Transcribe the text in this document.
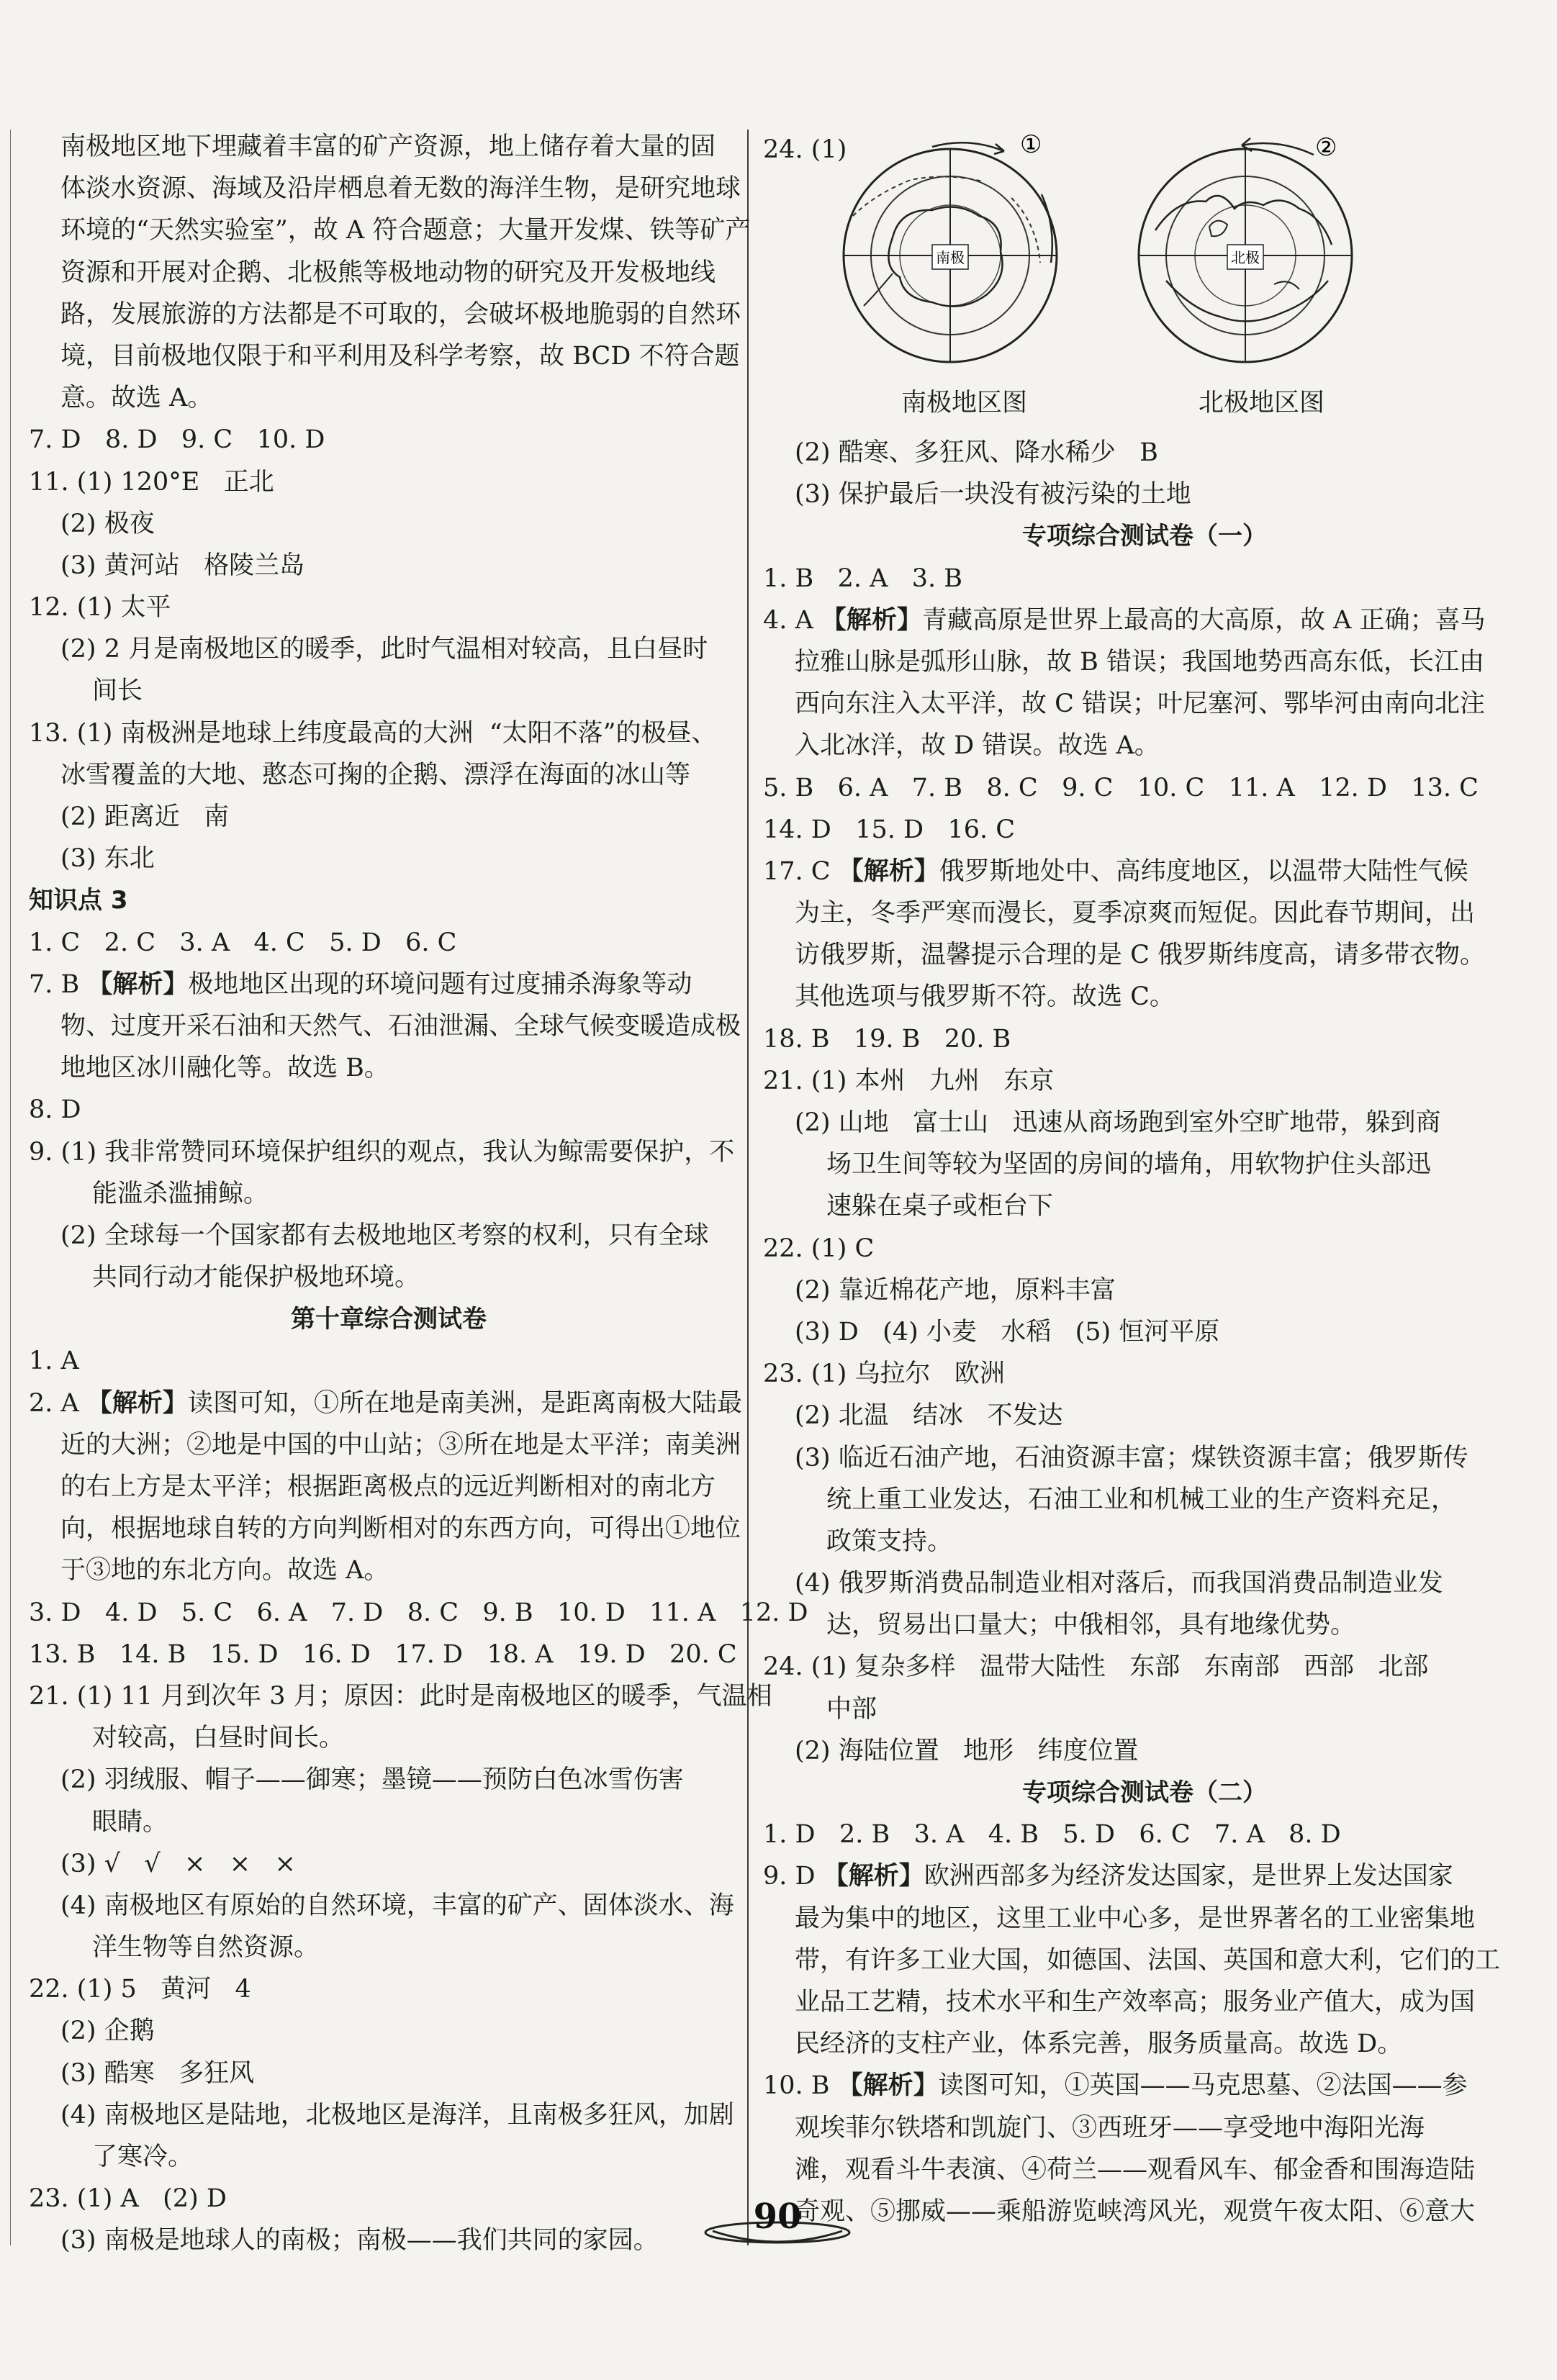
南极地区地下埋藏着丰富的矿产资源，地上储存着大量的固
体淡水资源、海域及沿岸栖息着无数的海洋生物，是研究地球
环境的“天然实验室”，故 A 符合题意；大量开发煤、铁等矿产
资源和开展对企鹅、北极熊等极地动物的研究及开发极地线
路，发展旅游的方法都是不可取的，会破坏极地脆弱的自然环
境，目前极地仅限于和平利用及科学考察，故 BCD 不符合题
意。故选 A。
7. D   8. D   9. C   10. D
11. (1) 120°E   正北
(2) 极夜
(3) 黄河站   格陵兰岛
12. (1) 太平
(2) 2 月是南极地区的暖季，此时气温相对较高，且白昼时
间长
13. (1) 南极洲是地球上纬度最高的大洲  “太阳不落”的极昼、
冰雪覆盖的大地、憨态可掬的企鹅、漂浮在海面的冰山等
(2) 距离近   南
(3) 东北
知识点 3
1. C   2. C   3. A   4. C   5. D   6. C
7. B 【解析】极地地区出现的环境问题有过度捕杀海象等动
物、过度开采石油和天然气、石油泄漏、全球气候变暖造成极
地地区冰川融化等。故选 B。
8. D
9. (1) 我非常赞同环境保护组织的观点，我认为鲸需要保护，不
能滥杀滥捕鲸。
(2) 全球每一个国家都有去极地地区考察的权利，只有全球
共同行动才能保护极地环境。
第十章综合测试卷
1. A
2. A 【解析】读图可知，①所在地是南美洲，是距离南极大陆最
近的大洲；②地是中国的中山站；③所在地是太平洋；南美洲
的右上方是太平洋；根据距离极点的远近判断相对的南北方
向，根据地球自转的方向判断相对的东西方向，可得出①地位
于③地的东北方向。故选 A。
3. D   4. D   5. C   6. A   7. D   8. C   9. B   10. D   11. A   12. D
13. B   14. B   15. D   16. D   17. D   18. A   19. D   20. C
21. (1) 11 月到次年 3 月；原因：此时是南极地区的暖季，气温相
对较高，白昼时间长。
(2) 羽绒服、帽子——御寒；墨镜——预防白色冰雪伤害
眼睛。
(3) √   √   ×   ×   ×
(4) 南极地区有原始的自然环境，丰富的矿产、固体淡水、海
洋生物等自然资源。
22. (1) 5   黄河   4
(2) 企鹅
(3) 酷寒   多狂风
(4) 南极地区是陆地，北极地区是海洋，且南极多狂风，加剧
了寒冷。
23. (1) A   (2) D
(3) 南极是地球人的南极；南极——我们共同的家园。
24. (1)
南极
①
北极
②
南极地区图	北极地区图
(2) 酷寒、多狂风、降水稀少   B
(3) 保护最后一块没有被污染的土地
专项综合测试卷（一）
1. B   2. A   3. B
4. A 【解析】青藏高原是世界上最高的大高原，故 A 正确；喜马
拉雅山脉是弧形山脉，故 B 错误；我国地势西高东低，长江由
西向东注入太平洋，故 C 错误；叶尼塞河、鄂毕河由南向北注
入北冰洋，故 D 错误。故选 A。
5. B   6. A   7. B   8. C   9. C   10. C   11. A   12. D   13. C
14. D   15. D   16. C
17. C 【解析】俄罗斯地处中、高纬度地区，以温带大陆性气候
为主，冬季严寒而漫长，夏季凉爽而短促。因此春节期间，出
访俄罗斯，温馨提示合理的是 C 俄罗斯纬度高，请多带衣物。
其他选项与俄罗斯不符。故选 C。
18. B   19. B   20. B
21. (1) 本州   九州   东京
(2) 山地   富士山   迅速从商场跑到室外空旷地带，躲到商
场卫生间等较为坚固的房间的墙角，用软物护住头部迅
速躲在桌子或柜台下
22. (1) C
(2) 靠近棉花产地，原料丰富
(3) D   (4) 小麦   水稻   (5) 恒河平原
23. (1) 乌拉尔   欧洲
(2) 北温   结冰   不发达
(3) 临近石油产地，石油资源丰富；煤铁资源丰富；俄罗斯传
统上重工业发达，石油工业和机械工业的生产资料充足，
政策支持。
(4) 俄罗斯消费品制造业相对落后，而我国消费品制造业发
达，贸易出口量大；中俄相邻，具有地缘优势。
24. (1) 复杂多样   温带大陆性   东部   东南部   西部   北部
中部
(2) 海陆位置   地形   纬度位置
专项综合测试卷（二）
1. D   2. B   3. A   4. B   5. D   6. C   7. A   8. D
9. D 【解析】欧洲西部多为经济发达国家，是世界上发达国家
最为集中的地区，这里工业中心多，是世界著名的工业密集地
带，有许多工业大国，如德国、法国、英国和意大利，它们的工
业品工艺精，技术水平和生产效率高；服务业产值大，成为国
民经济的支柱产业，体系完善，服务质量高。故选 D。
10. B 【解析】读图可知，①英国——马克思墓、②法国——参
观埃菲尔铁塔和凯旋门、③西班牙——享受地中海阳光海
滩，观看斗牛表演、④荷兰——观看风车、郁金香和围海造陆
奇观、⑤挪威——乘船游览峡湾风光，观赏午夜太阳、⑥意大
90
